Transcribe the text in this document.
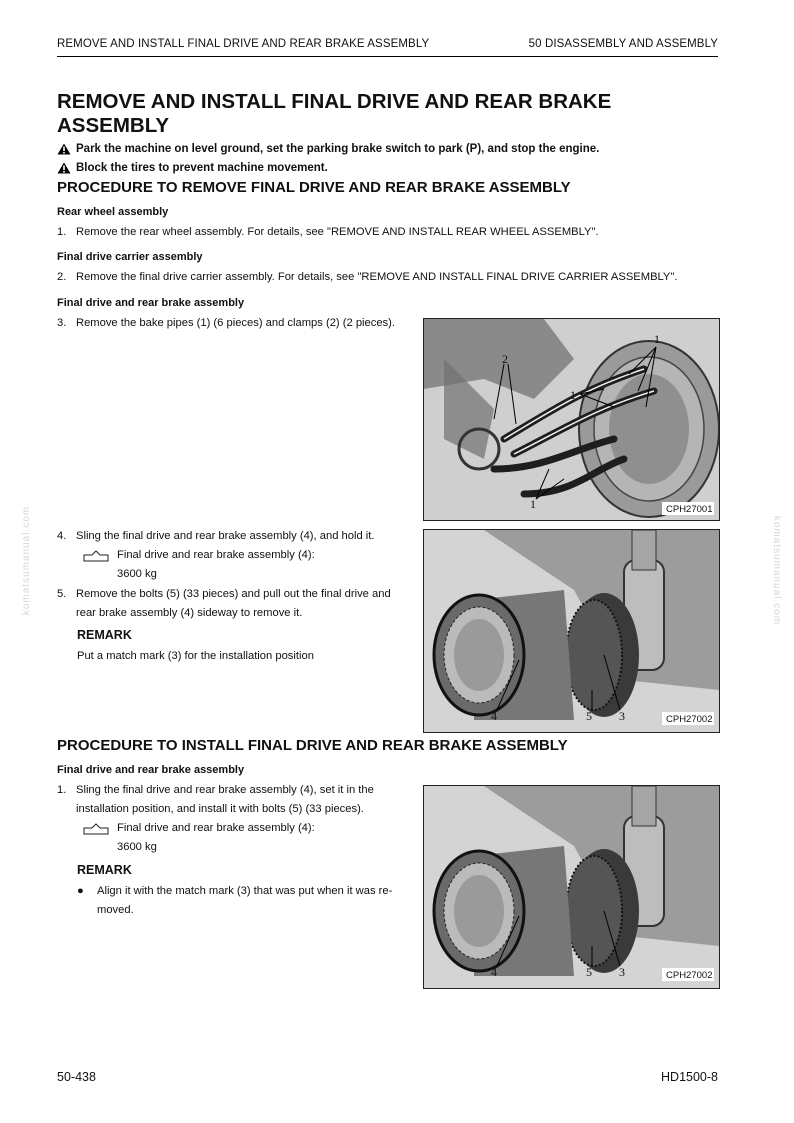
REMOVE AND INSTALL FINAL DRIVE AND REAR BRAKE ASSEMBLY	50 DISASSEMBLY AND ASSEMBLY
REMOVE AND INSTALL FINAL DRIVE AND REAR BRAKE ASSEMBLY
Park the machine on level ground, set the parking brake switch to park (P), and stop the engine.
Block the tires to prevent machine movement.
PROCEDURE TO REMOVE FINAL DRIVE AND REAR BRAKE ASSEMBLY
Rear wheel assembly
1. Remove the rear wheel assembly. For details, see "REMOVE AND INSTALL REAR WHEEL ASSEMBLY".
Final drive carrier assembly
2. Remove the final drive carrier assembly. For details, see "REMOVE AND INSTALL FINAL DRIVE CARRIER ASSEMBLY".
Final drive and rear brake assembly
3. Remove the bake pipes (1) (6 pieces) and clamps (2) (2 pieces).
2
1
1
1	CPH27001
4. Sling the final drive and rear brake assembly (4), and hold it.
Final drive and rear brake assembly (4):
3600 kg
5. Remove the bolts (5) (33 pieces) and pull out the final drive and rear brake assembly (4) sideway to remove it.
REMARK
Put a match mark (3) for the installation position
4	5 3	CPH27002
PROCEDURE TO INSTALL FINAL DRIVE AND REAR BRAKE ASSEMBLY
Final drive and rear brake assembly
1. Sling the final drive and rear brake assembly (4), set it in the installation position, and install it with bolts (5) (33 pieces).
Final drive and rear brake assembly (4):
3600 kg
REMARK
●	Align it with the match mark (3) that was put when it was re-moved.
4	5 3	CPH27002
komatsumanual.com	komatsumanual.com
50-438	HD1500-8
